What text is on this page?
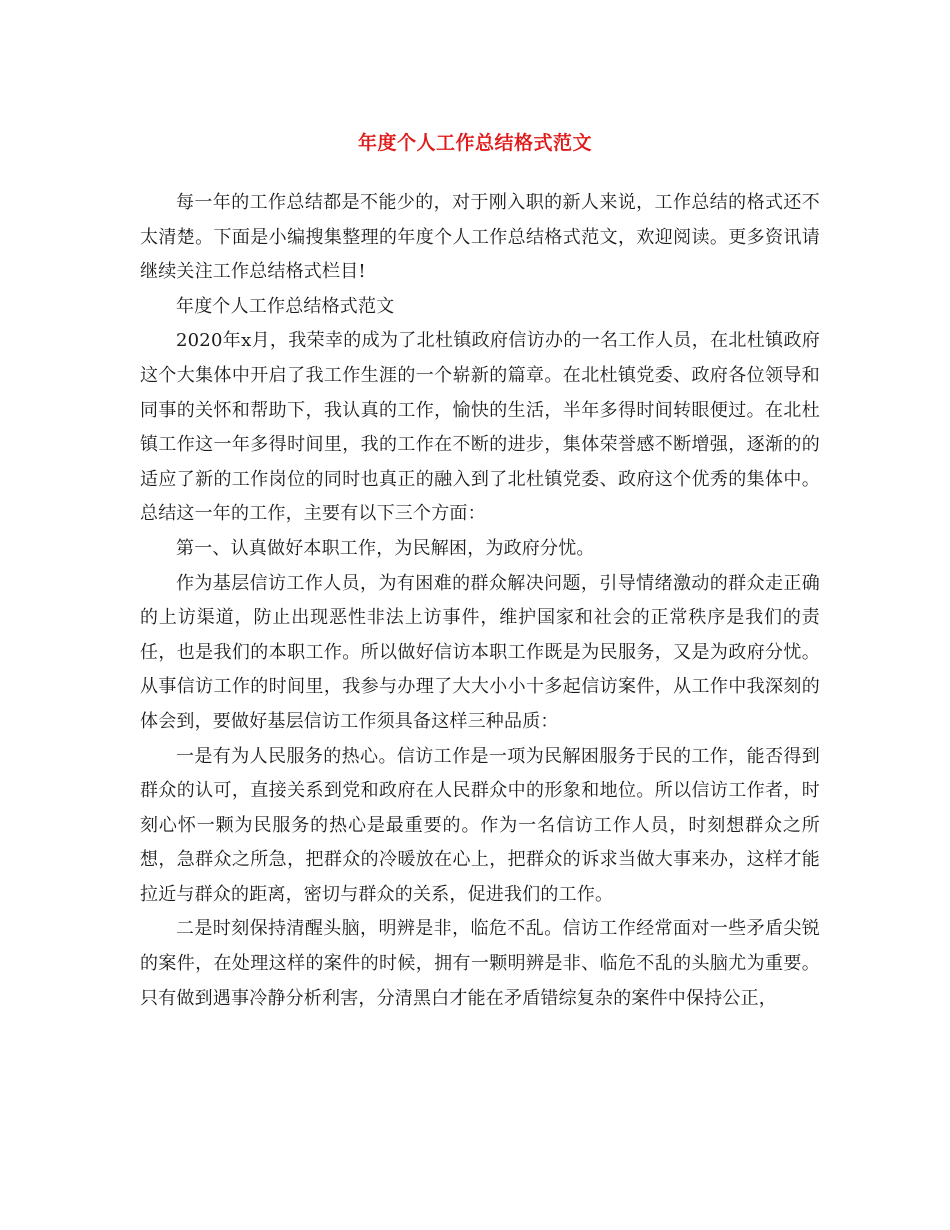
年度个人工作总结格式范文

每一年的工作总结都是不能少的，对于刚入职的新人来说，工作总结的格式还不太清楚。下面是小编搜集整理的年度个人工作总结格式范文，欢迎阅读。更多资讯请继续关注工作总结格式栏目!

年度个人工作总结格式范文

2020年x月，我荣幸的成为了北杜镇政府信访办的一名工作人员，在北杜镇政府这个大集体中开启了我工作生涯的一个崭新的篇章。在北杜镇党委、政府各位领导和同事的关怀和帮助下，我认真的工作，愉快的生活，半年多得时间转眼便过。在北杜镇工作这一年多得时间里，我的工作在不断的进步，集体荣誉感不断增强，逐渐的的适应了新的工作岗位的同时也真正的融入到了北杜镇党委、政府这个优秀的集体中。总结这一年的工作，主要有以下三个方面：

第一、认真做好本职工作，为民解困，为政府分忧。

作为基层信访工作人员，为有困难的群众解决问题，引导情绪激动的群众走正确的上访渠道，防止出现恶性非法上访事件，维护国家和社会的正常秩序是我们的责任，也是我们的本职工作。所以做好信访本职工作既是为民服务，又是为政府分忧。从事信访工作的时间里，我参与办理了大大小小十多起信访案件，从工作中我深刻的体会到，要做好基层信访工作须具备这样三种品质：

一是有为人民服务的热心。信访工作是一项为民解困服务于民的工作，能否得到群众的认可，直接关系到党和政府在人民群众中的形象和地位。所以信访工作者，时刻心怀一颗为民服务的热心是最重要的。作为一名信访工作人员，时刻想群众之所想，急群众之所急，把群众的冷暖放在心上，把群众的诉求当做大事来办，这样才能拉近与群众的距离，密切与群众的关系，促进我们的工作。

二是时刻保持清醒头脑，明辨是非，临危不乱。信访工作经常面对一些矛盾尖锐的案件，在处理这样的案件的时候，拥有一颗明辨是非、临危不乱的头脑尤为重要。只有做到遇事冷静分析利害，分清黑白才能在矛盾错综复杂的案件中保持公正，
